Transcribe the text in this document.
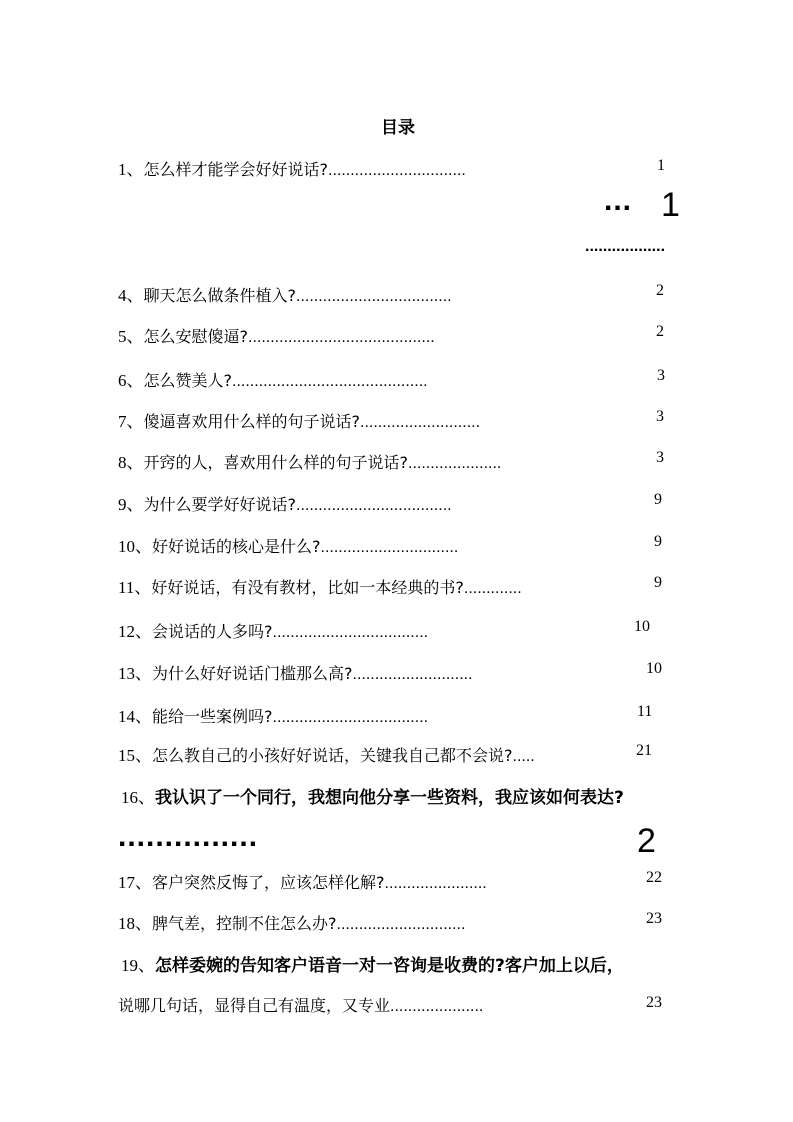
目录
1、怎么样才能学会好好说话?...............................	1
... 1
..................
4、聊天怎么做条件植入?...................................	2
5、怎么安慰傻逼?..........................................	2
6、怎么赞美人?............................................	3
7、傻逼喜欢用什么样的句子说话?...........................	3
8、开窍的人，喜欢用什么样的句子说话?.....................	3
9、为什么要学好好说话?...................................	9
10、好好说话的核心是什么?...............................	9
11、好好说话，有没有教材，比如一本经典的书?.............	9
12、会说话的人多吗?...................................	10
13、为什么好好说话门槛那么高?...........................	10
14、能给一些案例吗?...................................	11
15、怎么教自己的小孩好好说话，关键我自己都不会说?.....	21
16、我认识了一个同行，我想向他分享一些资料，我应该如何表达?
...............	2
17、客户突然反悔了，应该怎样化解?.......................	22
18、脾气差，控制不住怎么办?.............................	23
19、怎样委婉的告知客户语音一对一咨询是收费的?客户加上以后，
说哪几句话，显得自己有温度，又专业.....................	23
